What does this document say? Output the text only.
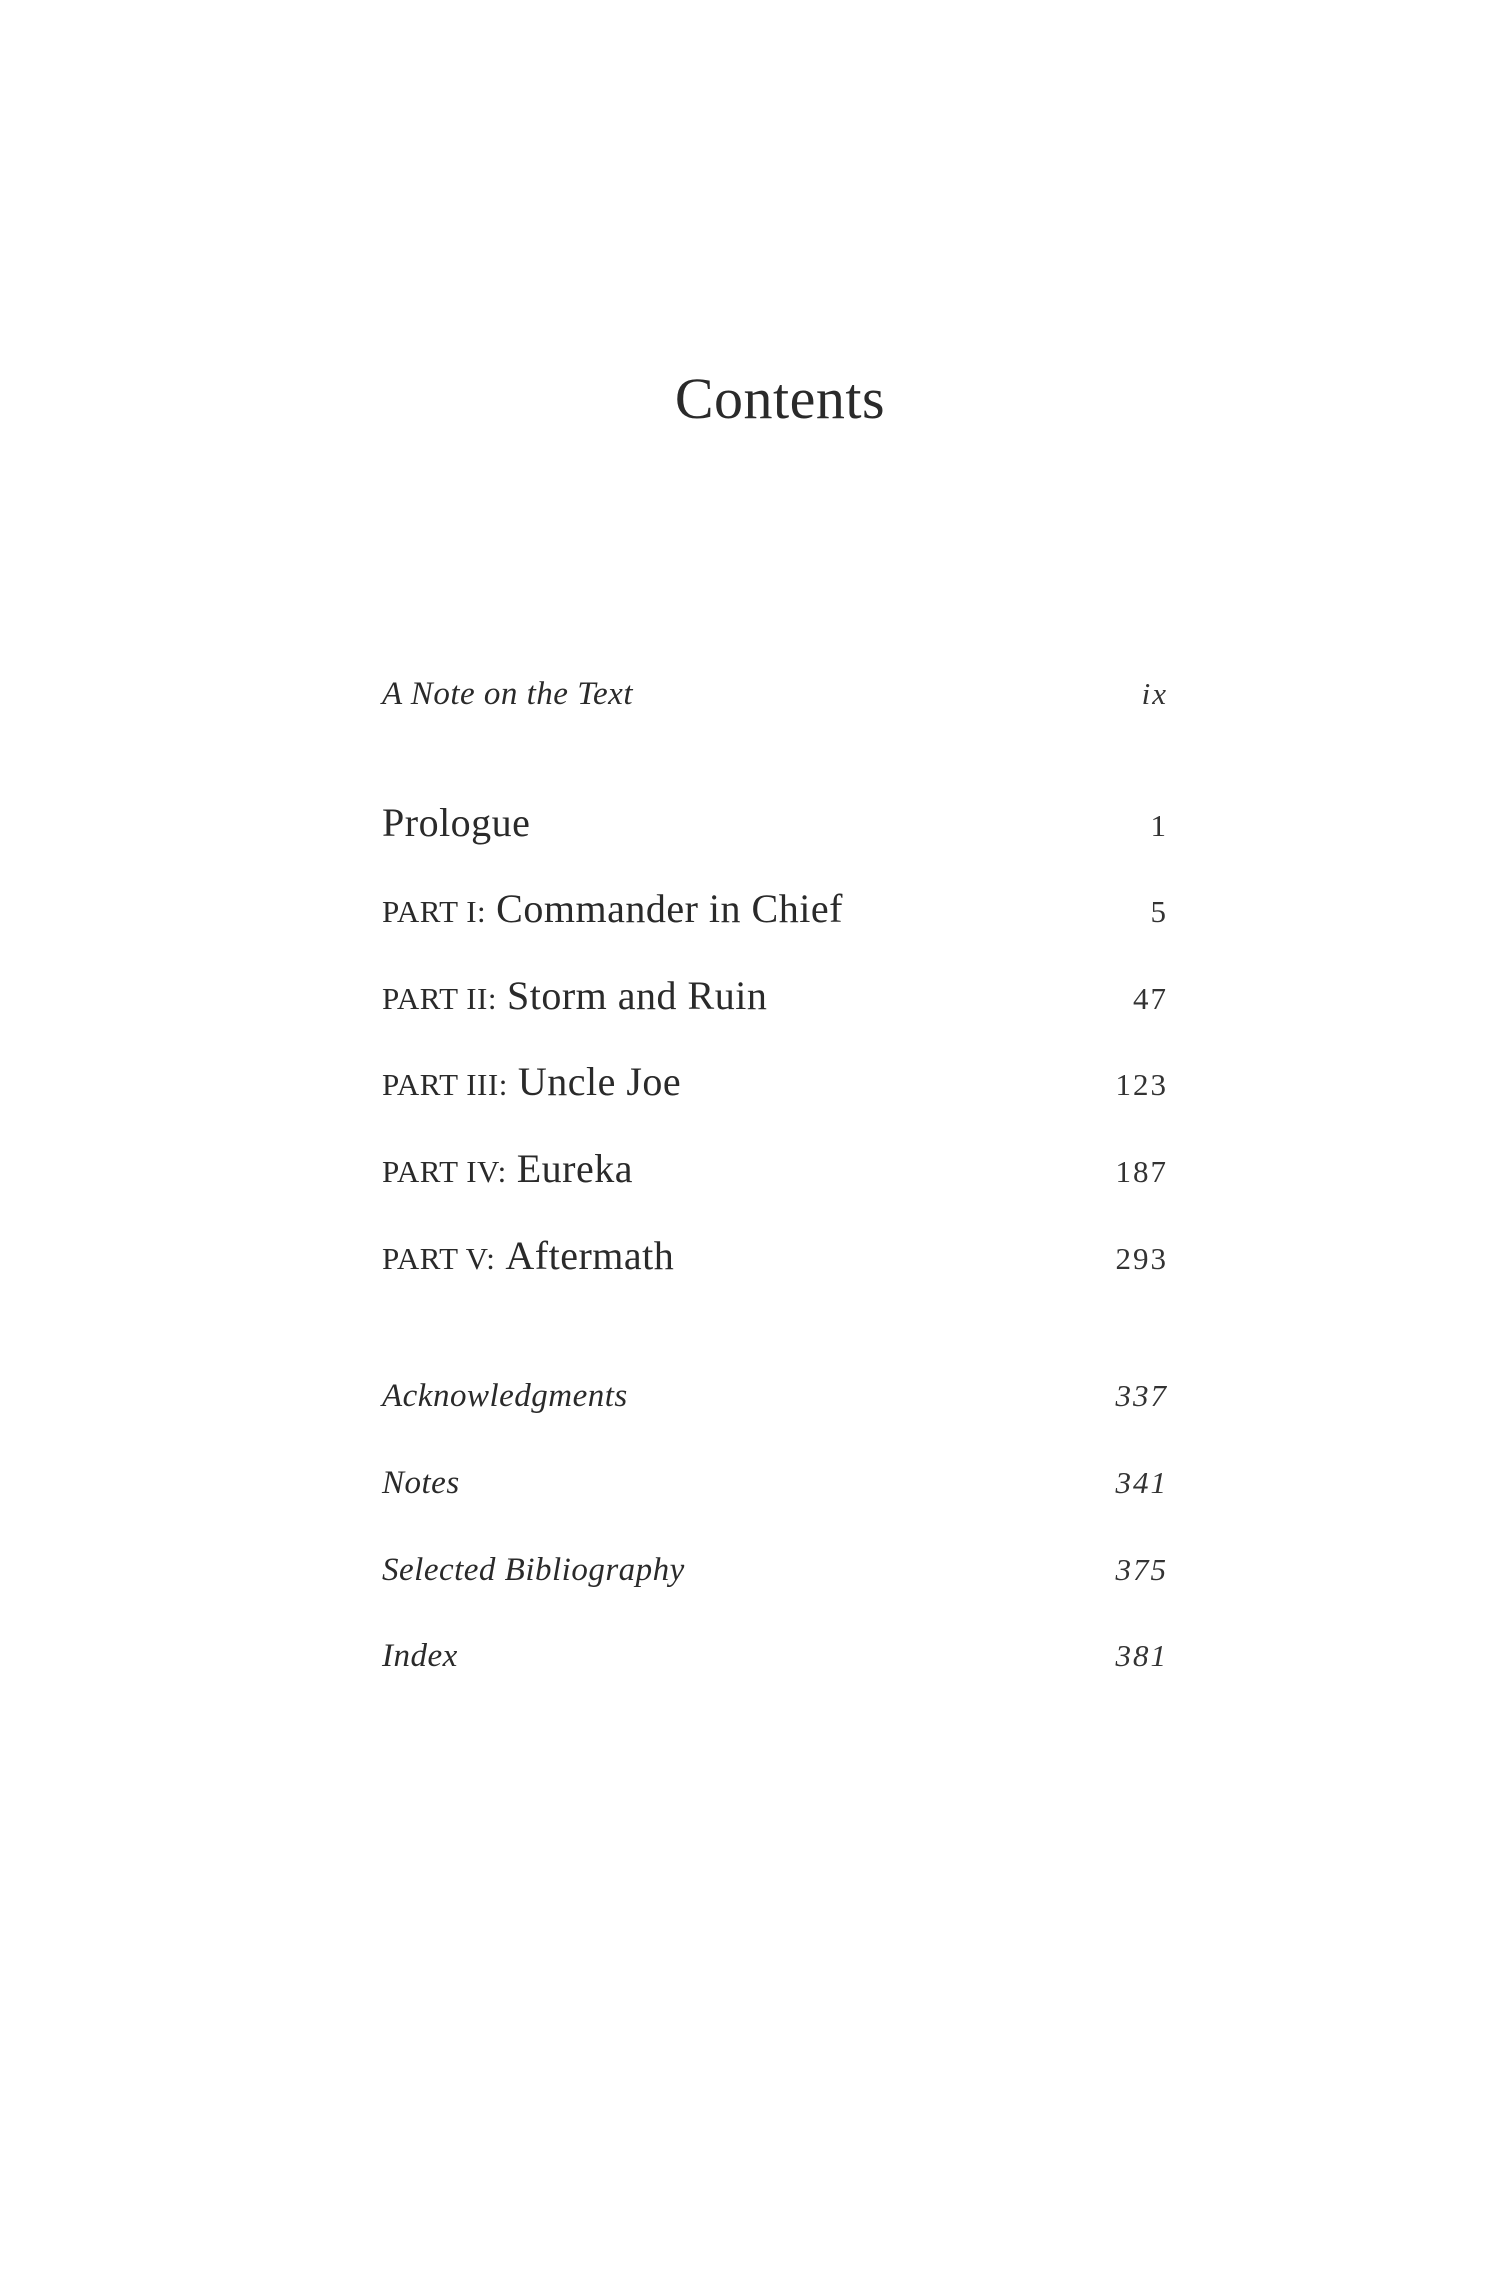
Contents
A Note on the Text	ix
Prologue	1
PART I: Commander in Chief	5
PART II: Storm and Ruin	47
PART III: Uncle Joe	123
PART IV: Eureka	187
PART V: Aftermath	293
Acknowledgments	337
Notes	341
Selected Bibliography	375
Index	381
